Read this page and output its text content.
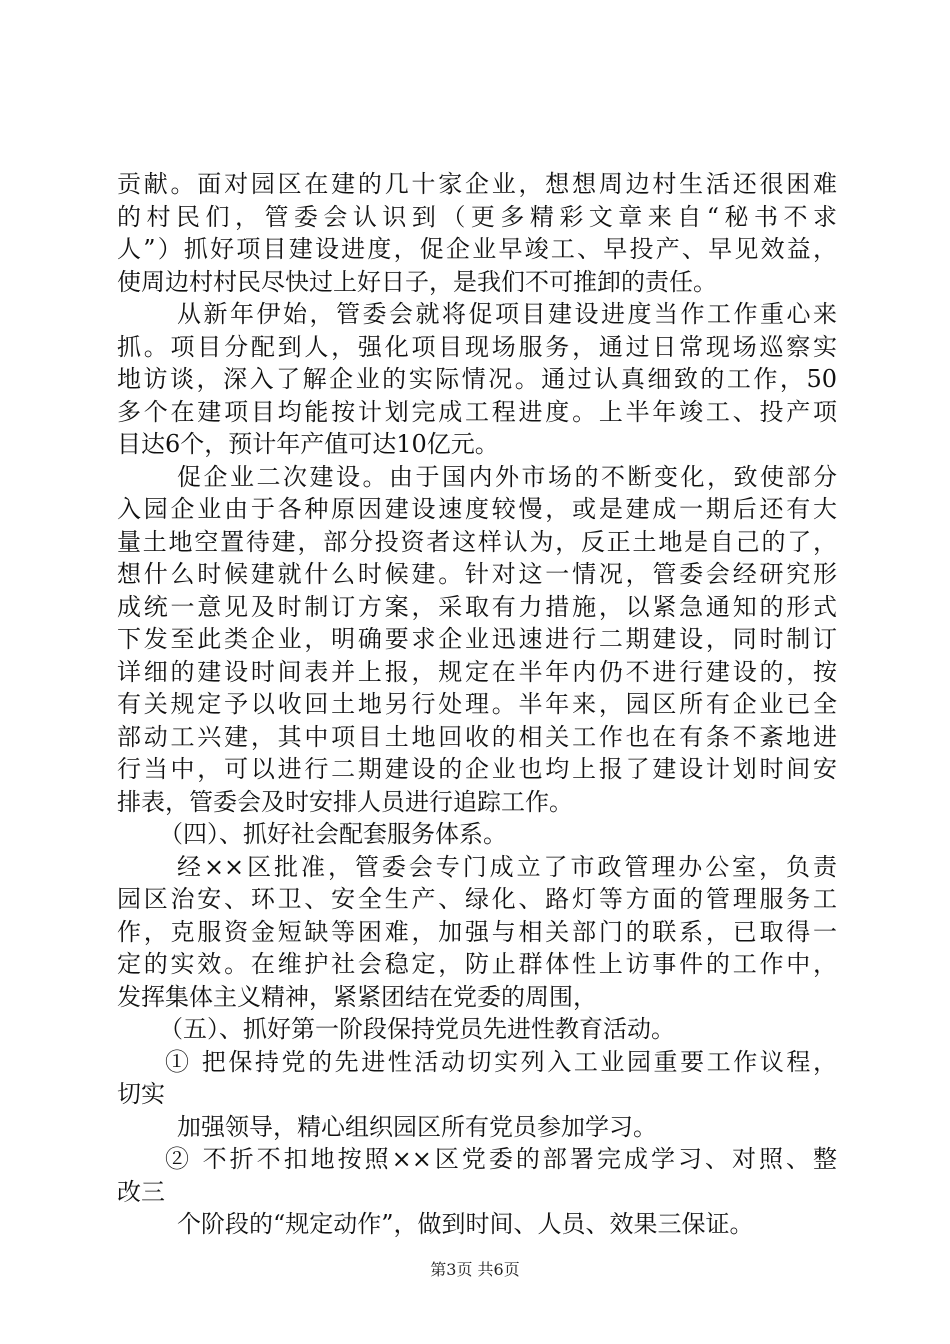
贡献。面对园区在建的几十家企业，想想周边村生活还很困难
的村民们，管委会认识到（更多精彩文章来自“秘书不求
人”）抓好项目建设进度，促企业早竣工、早投产、早见效益，
使周边村村民尽快过上好日子，是我们不可推卸的责任。
从新年伊始，管委会就将促项目建设进度当作工作重心来
抓。项目分配到人，强化项目现场服务，通过日常现场巡察实
地访谈，深入了解企业的实际情况。通过认真细致的工作，50
多个在建项目均能按计划完成工程进度。上半年竣工、投产项
目达6个，预计年产值可达10亿元。
促企业二次建设。由于国内外市场的不断变化，致使部分
入园企业由于各种原因建设速度较慢，或是建成一期后还有大
量土地空置待建，部分投资者这样认为，反正土地是自己的了，
想什么时候建就什么时候建。针对这一情况，管委会经研究形
成统一意见及时制订方案，采取有力措施，以紧急通知的形式
下发至此类企业，明确要求企业迅速进行二期建设，同时制订
详细的建设时间表并上报，规定在半年内仍不进行建设的，按
有关规定予以收回土地另行处理。半年来，园区所有企业已全
部动工兴建，其中项目土地回收的相关工作也在有条不紊地进
行当中，可以进行二期建设的企业也均上报了建设计划时间安
排表，管委会及时安排人员进行追踪工作。
（四）、抓好社会配套服务体系。
经××区批准，管委会专门成立了市政管理办公室，负责
园区治安、环卫、安全生产、绿化、路灯等方面的管理服务工
作，克服资金短缺等困难，加强与相关部门的联系，已取得一
定的实效。在维护社会稳定，防止群体性上访事件的工作中，
发挥集体主义精神，紧紧团结在党委的周围，
（五）、抓好第一阶段保持党员先进性教育活动。
① 把保持党的先进性活动切实列入工业园重要工作议程，
切实
加强领导，精心组织园区所有党员参加学习。
② 不折不扣地按照××区党委的部署完成学习、对照、整
改三
个阶段的“规定动作”，做到时间、人员、效果三保证。
第3页 共6页
